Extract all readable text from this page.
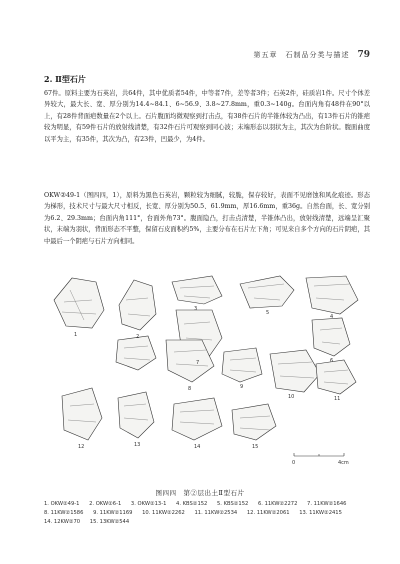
第五章　石制品分类与描述 79
2. Ⅱ型石片

67件。原料主要为石英岩，共64件，其中优质者54件，中等者7件，差等者3件；石英2件，硅质岩1件。尺寸个体差异较大，最大长、宽、厚分别为14.4~84.1、6~56.9、3.8~27.8mm，重0.3~140g。台面内角有48件在90°以上，有28件背面疤数量在2个以上。石片腹面均微观察到打击点，有38件石片的半锥体较为凸出，有13件石片的锥疤较为明显，有59件石片的放射线清楚，有32件石片可观察到同心波；末端形态以羽状为主，其次为台阶状。腹面曲度以平为主，有35件，其次为凸，有23件，凹最少，为4件。

OKW②49-1（图四四，1），原料为黑色石英岩，颗粒较为细腻，较脆，保存较好，表面不见磨蚀和风化痕迹。形态为梯形，技术尺寸与最大尺寸相反，长宽、厚分别为50.5、61.9mm，厚16.6mm，重36g。自然台面，长、宽分别为6.2、29.3mm；台面内角111°，台面外角73°。腹面隐凸，打击点清楚，半锥体凸出，放射线清楚，远端呈汇聚状，末端为羽状，背面形态不平整，保留石皮面积约5%，主要分布在石片左下角；可见来自多个方向的石片阴疤，其中最后一个阴疤与石片方向相同。

1	2
3
4
5
6
7
8	9
10	11
12	13	14	15
0	4cm
图四四　第②层出土Ⅱ型石片
1. OKW②49-1 2. OKW②6-1 3. OKW②13-1 4. KBS②152 5. KBS②152 6. 11KW②2272 7. 11KW②1646 8. 11KW②1586 9. 11KW②1169 10. 11KW②2262 11. 11KW②2534 12. 11KW②2061 13. 11KW②2415 14. 12KW②70 15. 13KW②544
